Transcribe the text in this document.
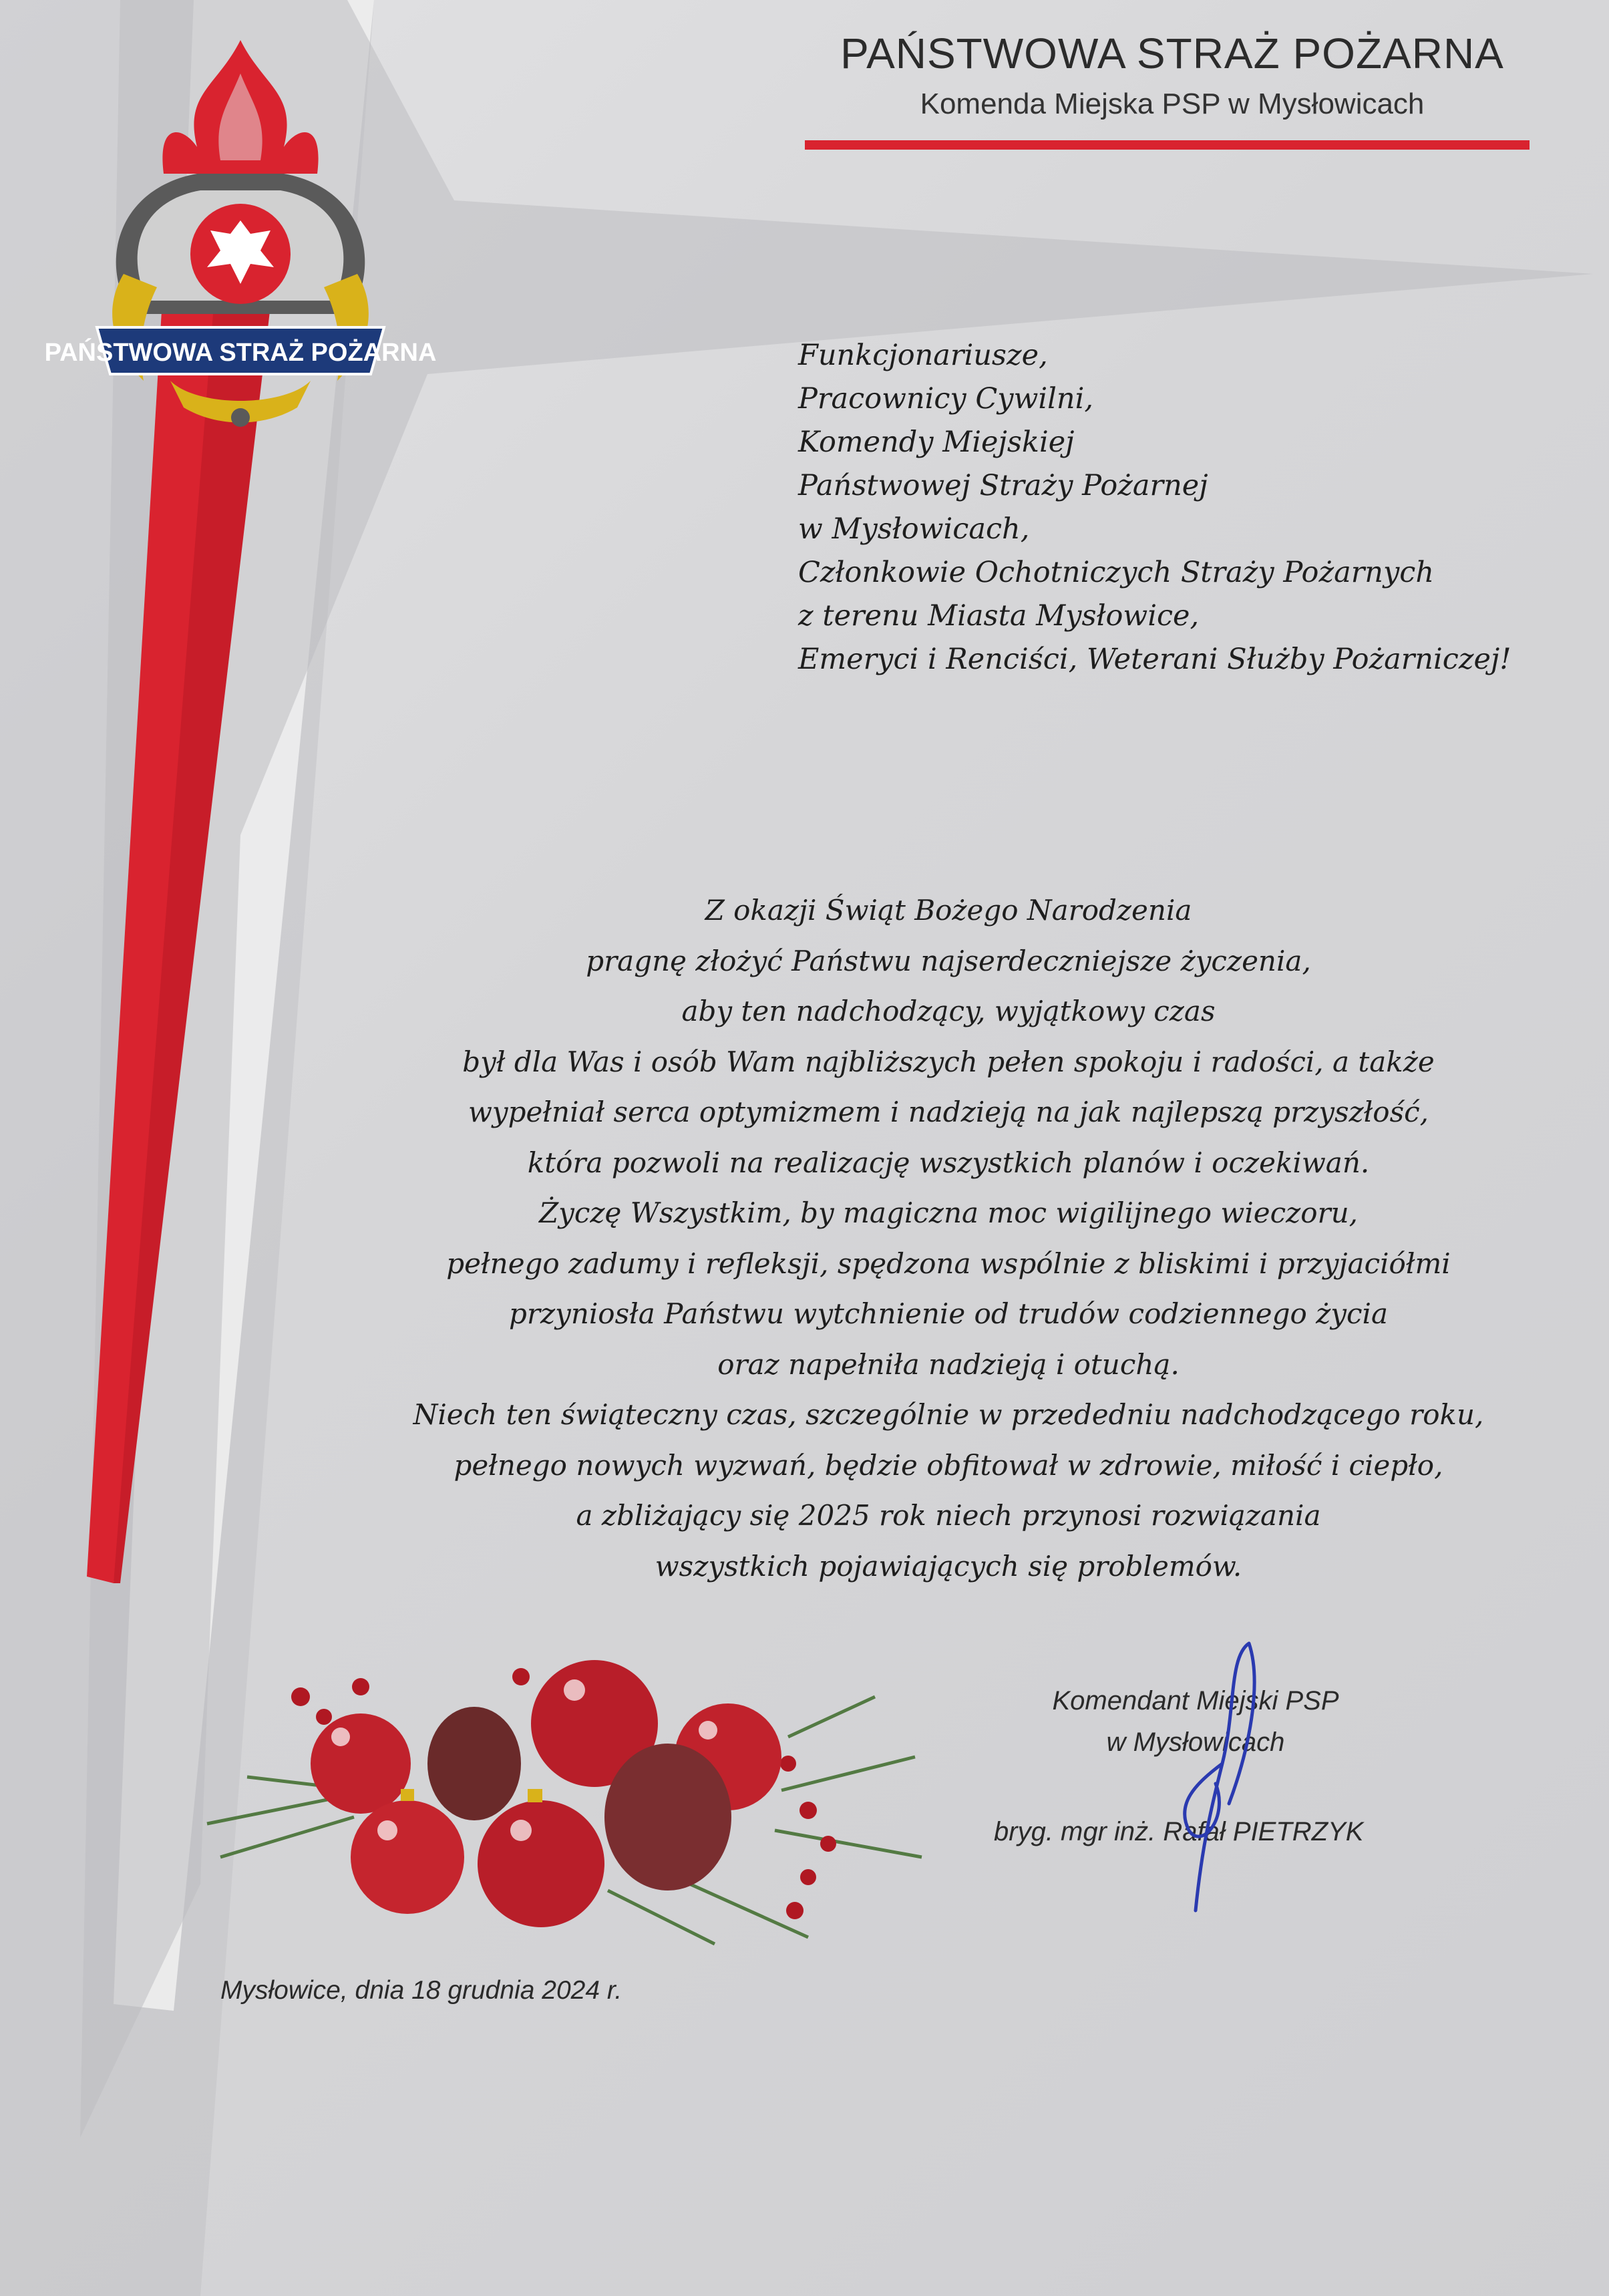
PAŃSTWOWA STRAŻ POŻARNA
PAŃSTWOWA STRAŻ POŻARNA
Komenda Miejska PSP w Mysłowicach
Funkcjonariusze,
Pracownicy Cywilni,
Komendy Miejskiej
Państwowej Straży Pożarnej
w Mysłowicach,
Członkowie Ochotniczych Straży Pożarnych
z terenu Miasta Mysłowice,
Emeryci i Renciści, Weterani Służby Pożarniczej!
Z okazji Świąt Bożego Narodzenia
pragnę złożyć Państwu najserdeczniejsze życzenia,
aby ten nadchodzący, wyjątkowy czas
był dla Was i osób Wam najbliższych pełen spokoju i radości, a także
wypełniał serca optymizmem i nadzieją na jak najlepszą przyszłość,
która pozwoli na realizację wszystkich planów i oczekiwań.
Życzę Wszystkim, by magiczna moc wigilijnego wieczoru,
pełnego zadumy i refleksji, spędzona wspólnie z bliskimi i przyjaciółmi
przyniosła Państwu wytchnienie od trudów codziennego życia
oraz napełniła nadzieją i otuchą.
Niech ten świąteczny czas, szczególnie w przededniu nadchodzącego roku,
pełnego nowych wyzwań, będzie obfitował w zdrowie, miłość i ciepło,
a zbliżający się 2025 rok niech przynosi rozwiązania
wszystkich pojawiających się problemów.
Komendant Miejski PSP
w Mysłowicach
bryg. mgr inż. Rafał PIETRZYK
Mysłowice, dnia 18 grudnia 2024 r.
